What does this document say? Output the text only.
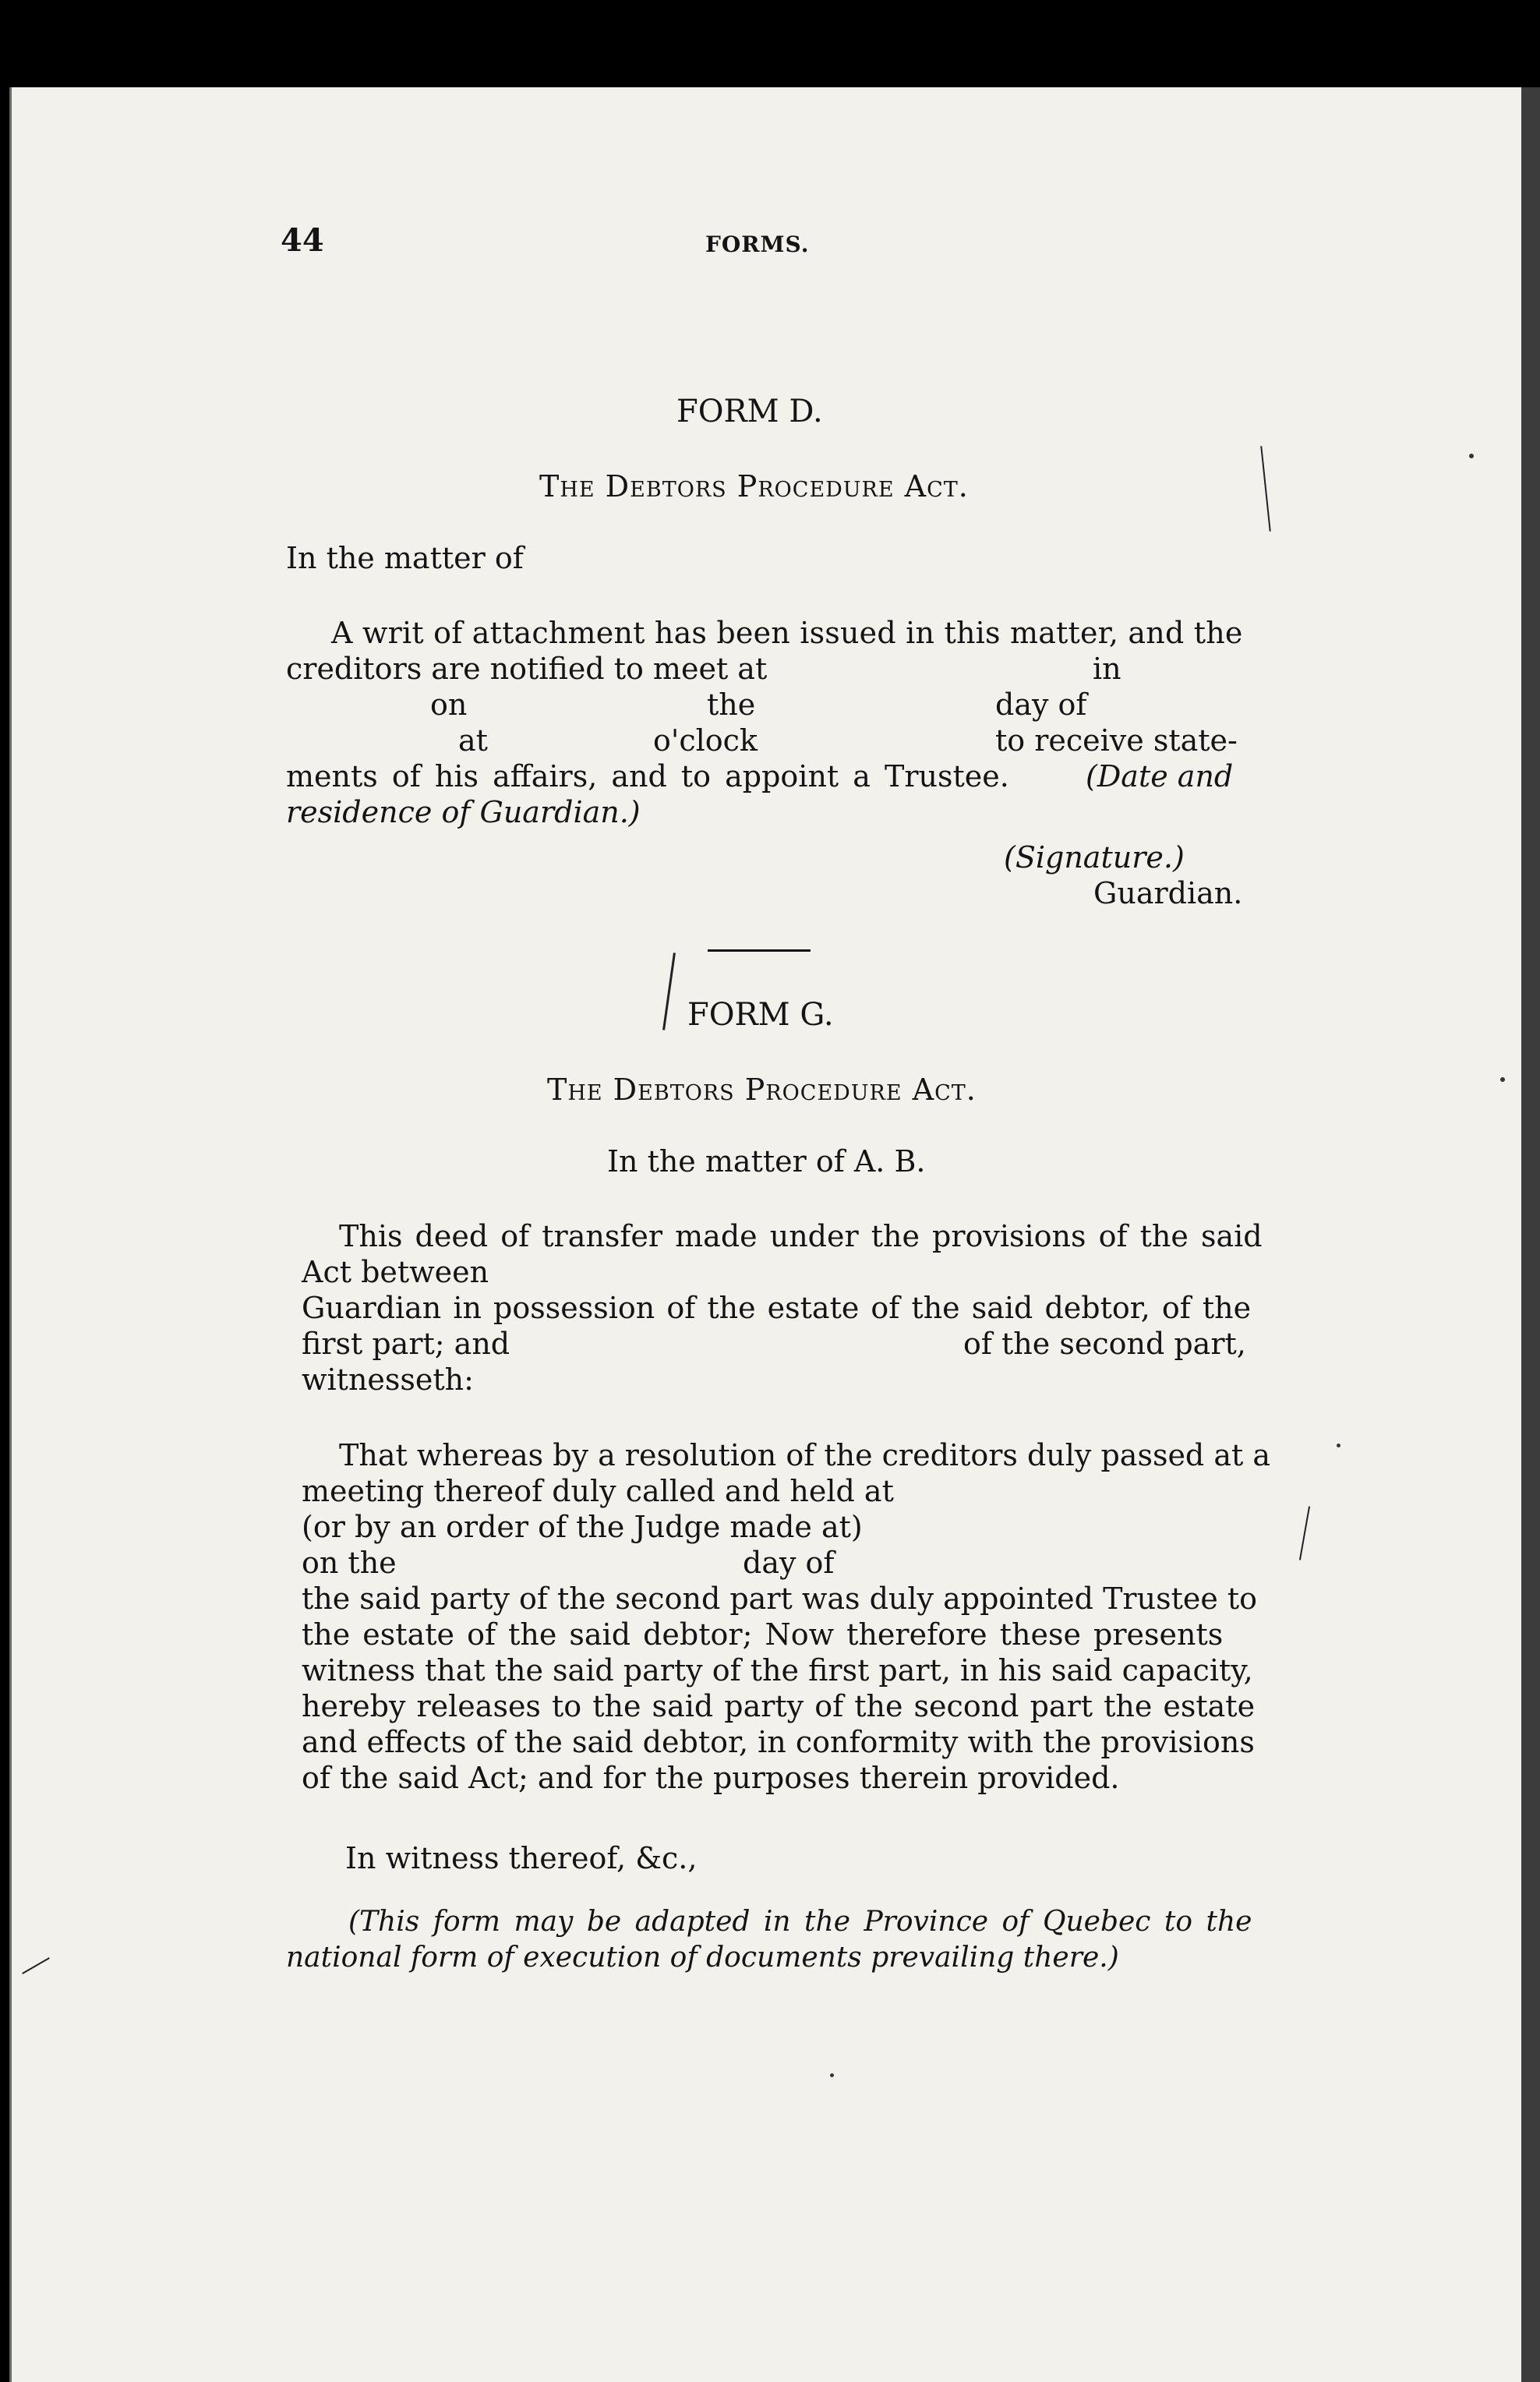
44	FORMS.
FORM D.
The Debtors Procedure Act.
In the matter of
A writ of attachment has been issued in this matter, and the
creditors are notified to meet at	in
on	the	day of
at	o'clock	to receive state-
ments of his affairs, and to appoint a Trustee.	(Date and
residence of Guardian.)
(Signature.)
Guardian.
FORM G.
The Debtors Procedure Act.
In the matter of A. B.
This deed of transfer made under the provisions of the said
Act between
Guardian in possession of the estate of the said debtor, of the
first part; and	of the second part,
witnesseth:
That whereas by a resolution of the creditors duly passed at a
meeting thereof duly called and held at
(or by an order of the Judge made at)
on the	day of
the said party of the second part was duly appointed Trustee to
the estate of the said debtor; Now therefore these presents
witness that the said party of the first part, in his said capacity,
hereby releases to the said party of the second part the estate
and effects of the said debtor, in conformity with the provisions
of the said Act; and for the purposes therein provided.
In witness thereof, &c.,
(This form may be adapted in the Province of Quebec to the
national form of execution of documents prevailing there.)
